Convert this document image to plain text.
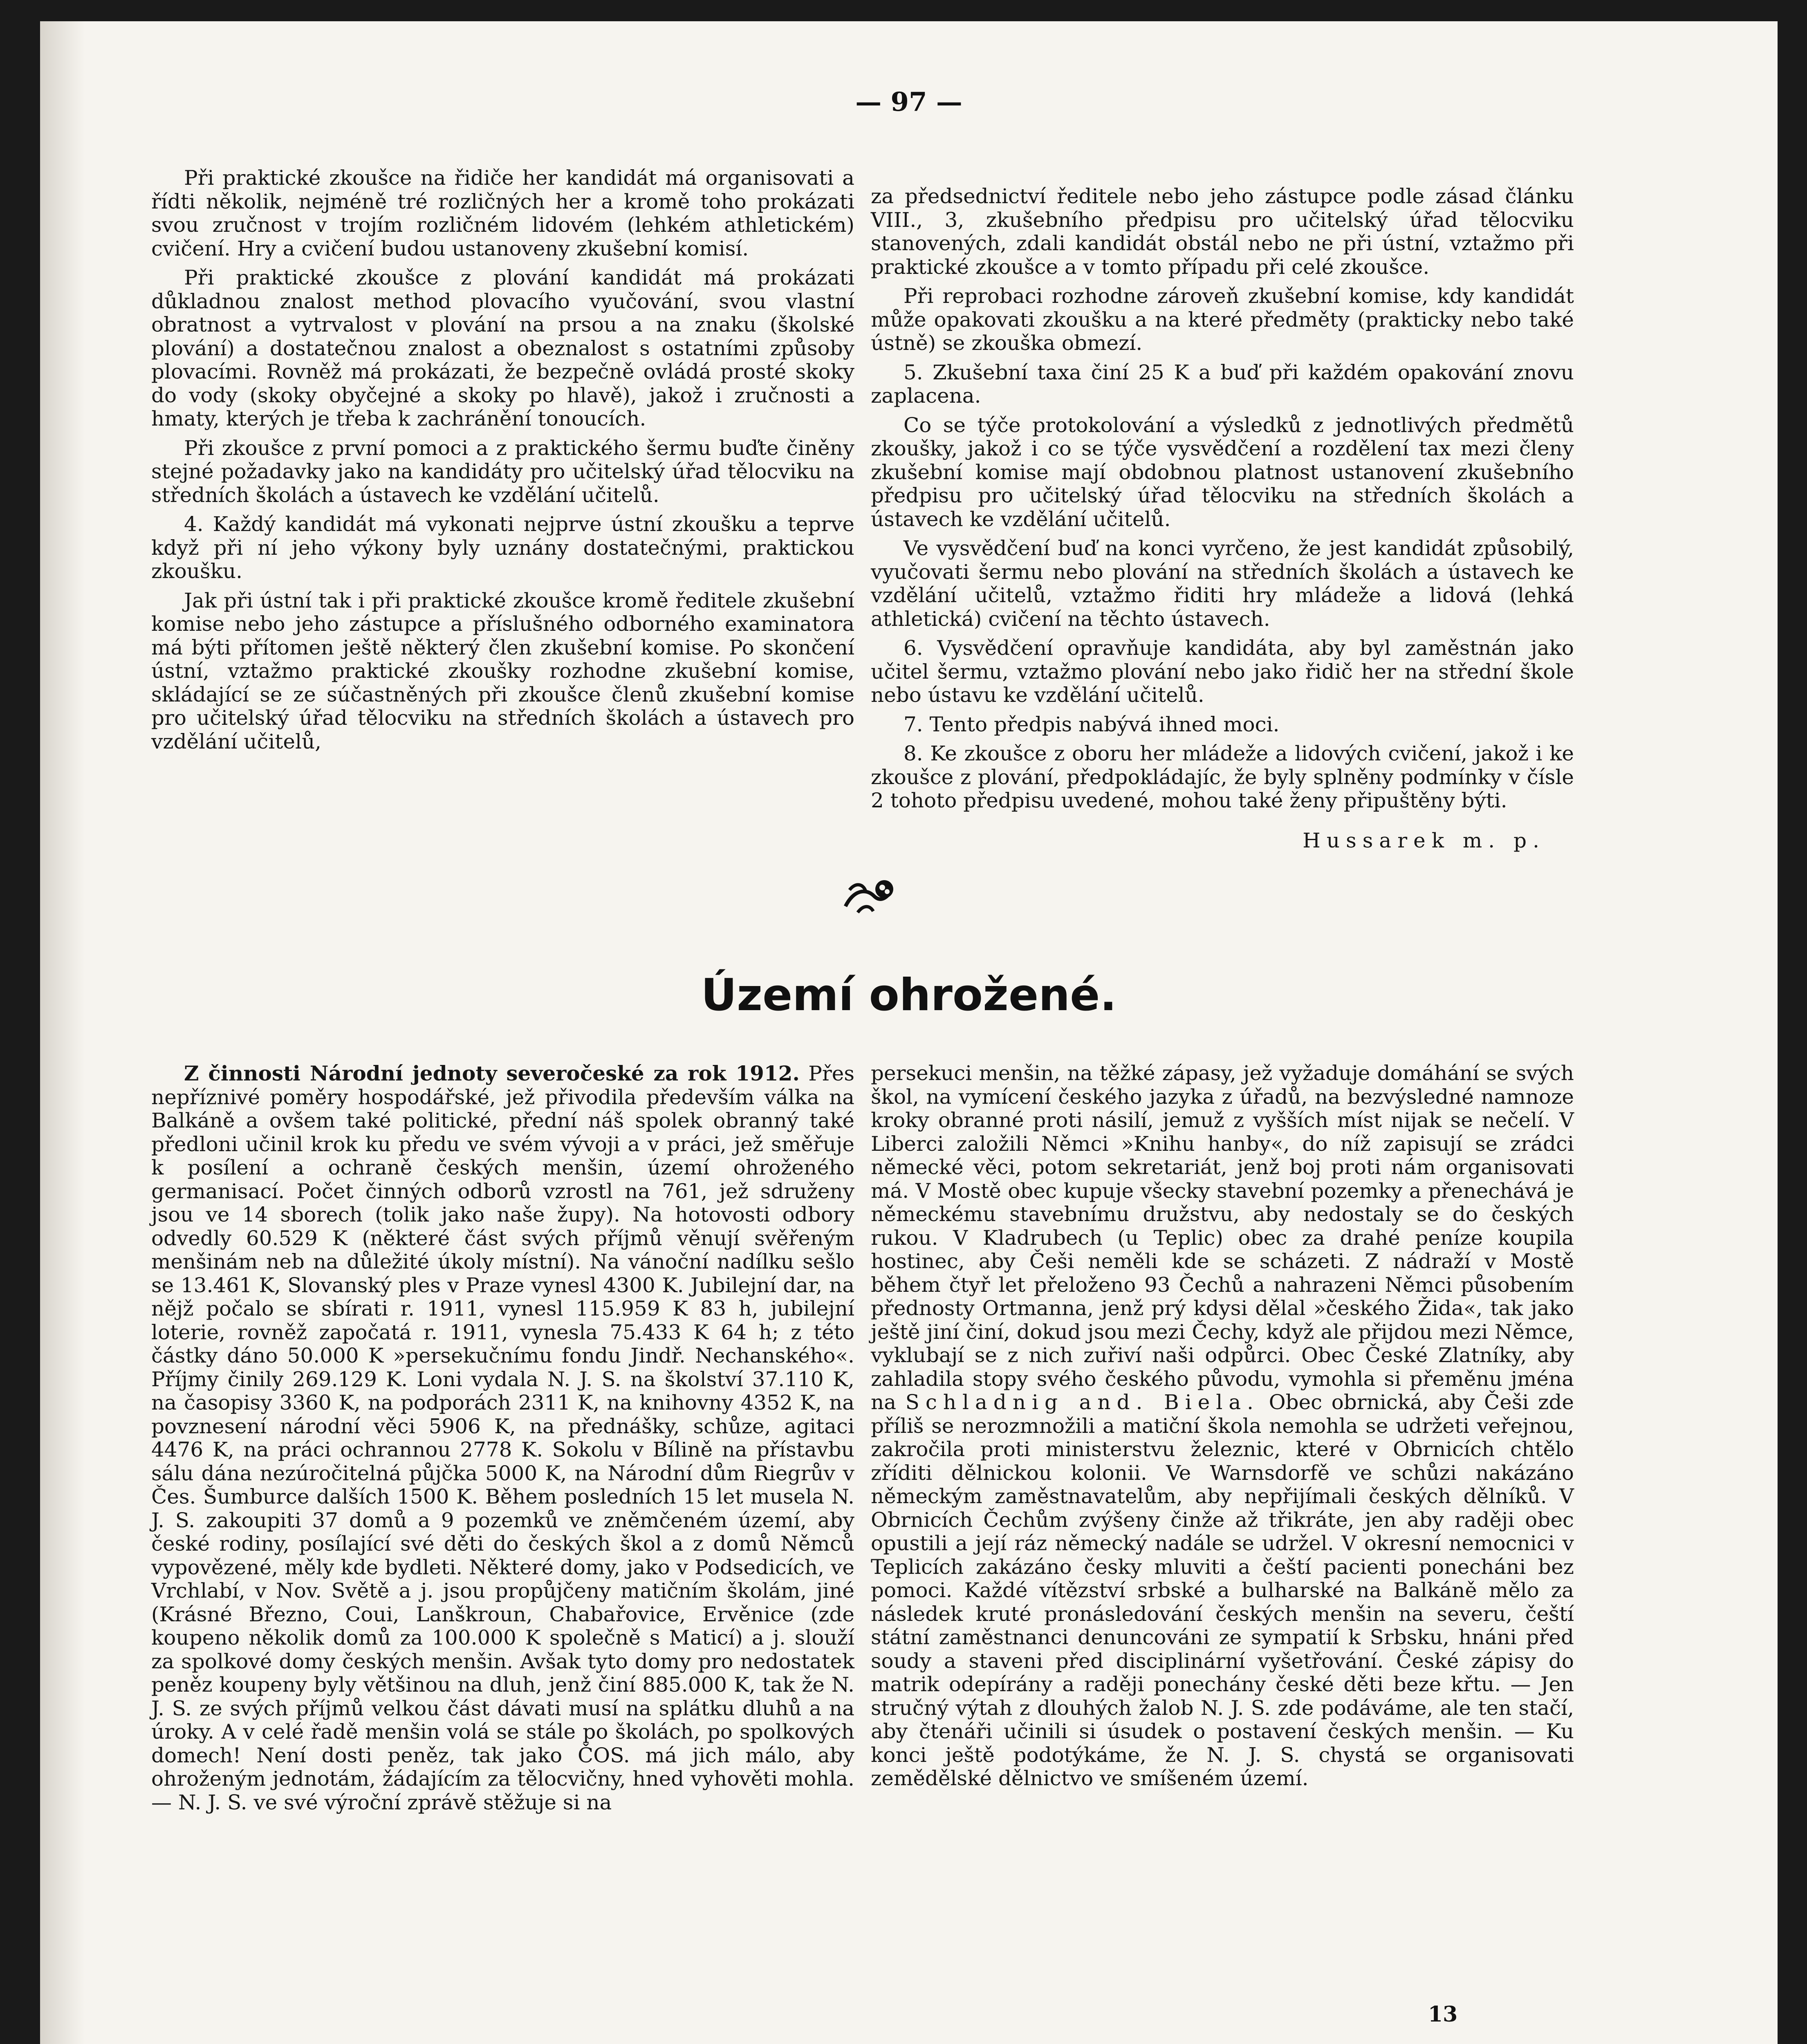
— 97 —

Při praktické zkoušce na řidiče her kandidát má organisovati a řídti několik, nejméně tré rozličných her a kromě toho prokázati svou zručnost v trojím rozličném lidovém (lehkém athletickém) cvičení. Hry a cvičení budou ustanoveny zkušební komisí.

Při praktické zkoušce z plování kandidát má prokázati důkladnou znalost method plovacího vyučování, svou vlastní obratnost a vytrvalost v plování na prsou a na znaku (školské plování) a dostatečnou znalost a obeznalost s ostatními způsoby plovacími. Rovněž má prokázati, že bezpečně ovládá prosté skoky do vody (skoky obyčejné a skoky po hlavě), jakož i zručnosti a hmaty, kterých je třeba k zachránění tonoucích.

Při zkoušce z první pomoci a z praktického šermu buďte činěny stejné požadavky jako na kandidáty pro učitelský úřad tělocviku na středních školách a ústavech ke vzdělání učitelů.

4. Každý kandidát má vykonati nejprve ústní zkoušku a teprve když při ní jeho výkony byly uznány dostatečnými, praktickou zkoušku.

Jak při ústní tak i při praktické zkoušce kromě ředitele zkušební komise nebo jeho zástupce a příslušného odborného examinatora má býti přítomen ještě některý člen zkušební komise. Po skončení ústní, vztažmo praktické zkoušky rozhodne zkušební komise, skládající se ze súčastněných při zkoušce členů zkušební komise pro učitelský úřad tělocviku na středních školách a ústavech pro vzdělání učitelů,

za předsednictví ředitele nebo jeho zástupce podle zásad článku VIII., 3, zkušebního předpisu pro učitelský úřad tělocviku stanovených, zdali kandidát obstál nebo ne při ústní, vztažmo při praktické zkoušce a v tomto případu při celé zkoušce.

Při reprobaci rozhodne zároveň zkušební komise, kdy kandidát může opakovati zkoušku a na které předměty (prakticky nebo také ústně) se zkouška obmezí.

5. Zkušební taxa činí 25 K a buď při každém opakování znovu zaplacena.

Co se týče protokolování a výsledků z jednotlivých předmětů zkoušky, jakož i co se týče vysvědčení a rozdělení tax mezi členy zkušební komise mají obdobnou platnost ustanovení zkušebního předpisu pro učitelský úřad tělocviku na středních školách a ústavech ke vzdělání učitelů.

Ve vysvědčení buď na konci vyrčeno, že jest kandidát způsobilý, vyučovati šermu nebo plování na středních školách a ústavech ke vzdělání učitelů, vztažmo řiditi hry mládeže a lidová (lehká athletická) cvičení na těchto ústavech.

6. Vysvědčení opravňuje kandidáta, aby byl zaměstnán jako učitel šermu, vztažmo plování nebo jako řidič her na střední škole nebo ústavu ke vzdělání učitelů.

7. Tento předpis nabývá ihned moci.

8. Ke zkoušce z oboru her mládeže a lidových cvičení, jakož i ke zkoušce z plování, předpokládajíc, že byly splněny podmínky v čísle 2 tohoto předpisu uvedené, mohou také ženy připuštěny býti.

Hussarek m. p.

Území ohrožené.

Z činnosti Národní jednoty severočeské za rok 1912. Přes nepříznivé poměry hospodářské, jež přivodila především válka na Balkáně a ovšem také politické, přední náš spolek obranný také předloni učinil krok ku předu ve svém vývoji a v práci, jež směřuje k posílení a ochraně českých menšin, území ohroženého germanisací. Počet činných odborů vzrostl na 761, jež sdruženy jsou ve 14 sborech (tolik jako naše župy). Na hotovosti odbory odvedly 60.529 K (některé část svých příjmů věnují svěřeným menšinám neb na důležité úkoly místní). Na vánoční nadílku sešlo se 13.461 K, Slovanský ples v Praze vynesl 4300 K. Jubilejní dar, na nějž počalo se sbírati r. 1911, vynesl 115.959 K 83 h, jubilejní loterie, rovněž započatá r. 1911, vynesla 75.433 K 64 h; z této částky dáno 50.000 K »persekučnímu fondu Jindř. Nechanského«. Příjmy činily 269.129 K. Loni vydala N. J. S. na školství 37.110 K, na časopisy 3360 K, na podporách 2311 K, na knihovny 4352 K, na povznesení národní věci 5906 K, na přednášky, schůze, agitaci 4476 K, na práci ochrannou 2778 K. Sokolu v Bílině na přístavbu sálu dána nezúročitelná půjčka 5000 K, na Národní dům Riegrův v Čes. Šumburce dalších 1500 K. Během posledních 15 let musela N. J. S. zakoupiti 37 domů a 9 pozemků ve zněmčeném území, aby české rodiny, posílající své děti do českých škol a z domů Němců vypovězené, měly kde bydleti. Některé domy, jako v Podsedicích, ve Vrchlabí, v Nov. Světě a j. jsou propůjčeny matičním školám, jiné (Krásné Březno, Coui, Lanškroun, Chabařovice, Ervěnice (zde koupeno několik domů za 100.000 K společně s Maticí) a j. slouží za spolkové domy českých menšin. Avšak tyto domy pro nedostatek peněz koupeny byly většinou na dluh, jenž činí 885.000 K, tak že N. J. S. ze svých příjmů velkou část dávati musí na splátku dluhů a na úroky. A v celé řadě menšin volá se stále po školách, po spolkových domech! Není dosti peněz, tak jako ČOS. má jich málo, aby ohroženým jednotám, žádajícím za tělocvičny, hned vyhověti mohla. — N. J. S. ve své výroční zprávě stěžuje si na

persekuci menšin, na těžké zápasy, jež vyžaduje domáhání se svých škol, na vymícení českého jazyka z úřadů, na bezvýsledné namnoze kroky obranné proti násilí, jemuž z vyšších míst nijak se nečelí. V Liberci založili Němci »Knihu hanby«, do níž zapisují se zrádci německé věci, potom sekretariát, jenž boj proti nám organisovati má. V Mostě obec kupuje všecky stavební pozemky a přenechává je německému stavebnímu družstvu, aby nedostaly se do českých rukou. V Kladrubech (u Teplic) obec za drahé peníze koupila hostinec, aby Češi neměli kde se scházeti. Z nádraží v Mostě během čtyř let přeloženo 93 Čechů a nahrazeni Němci působením přednosty Ortmanna, jenž prý kdysi dělal »českého Žida«, tak jako ještě jiní činí, dokud jsou mezi Čechy, když ale přijdou mezi Němce, vyklubají se z nich zuřiví naši odpůrci. Obec České Zlatníky, aby zahladila stopy svého českého původu, vymohla si přeměnu jména na Schladnig and. Biela. Obec obrnická, aby Češi zde příliš se nerozmnožili a matiční škola nemohla se udržeti veřejnou, zakročila proti ministerstvu železnic, které v Obrnicích chtělo zříditi dělnickou kolonii. Ve Warnsdorfě ve schůzi nakázáno německým zaměstnavatelům, aby nepřijímali českých dělníků. V Obrnicích Čechům zvýšeny činže až třikráte, jen aby raději obec opustili a její ráz německý nadále se udržel. V okresní nemocnici v Teplicích zakázáno česky mluviti a čeští pacienti ponecháni bez pomoci. Každé vítězství srbské a bulharské na Balkáně mělo za následek kruté pronásledování českých menšin na severu, čeští státní zaměstnanci denuncováni ze sympatií k Srbsku, hnáni před soudy a staveni před disciplinární vyšetřování. České zápisy do matrik odepírány a raději ponechány české děti beze křtu. — Jen stručný výtah z dlouhých žalob N. J. S. zde podáváme, ale ten stačí, aby čtenáři učinili si úsudek o postavení českých menšin. — Ku konci ještě podotýkáme, že N. J. S. chystá se organisovati zemědělské dělnictvo ve smíšeném území.

13
